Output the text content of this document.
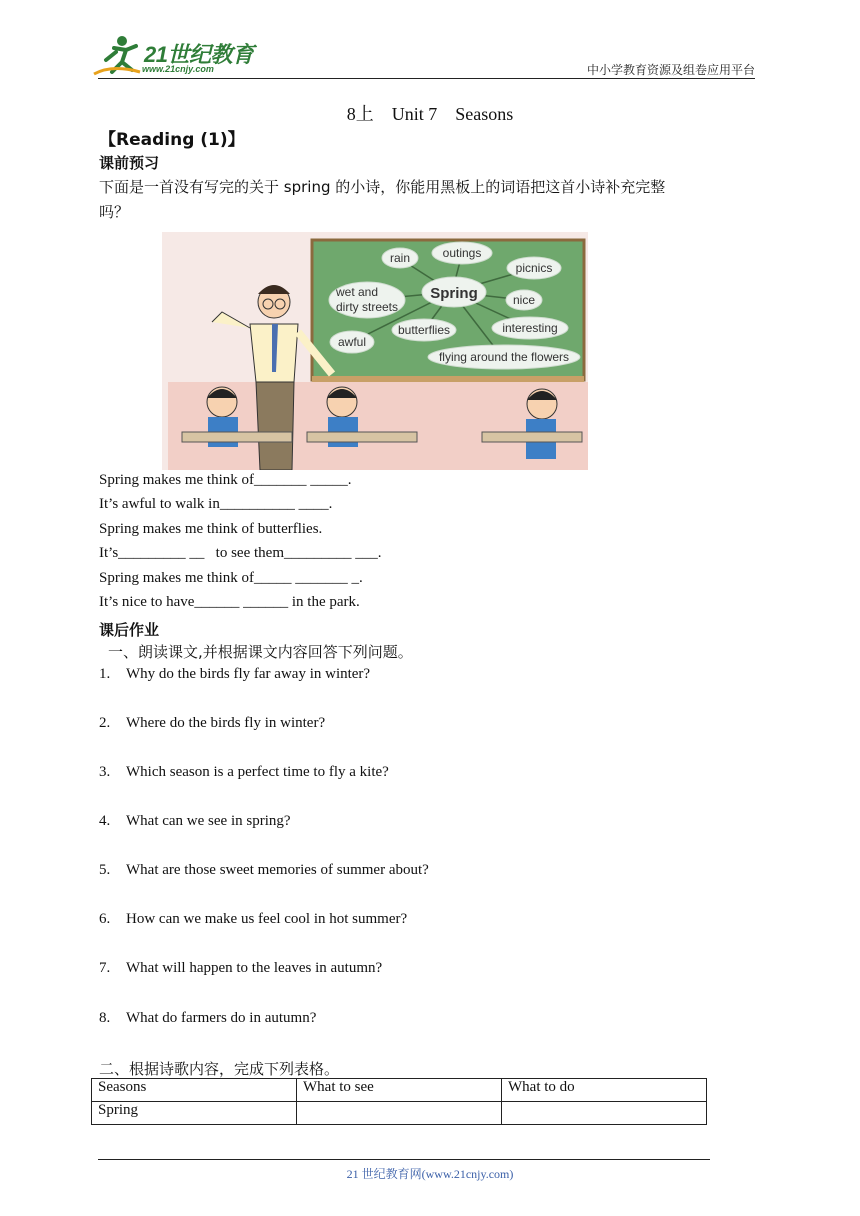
21世纪教育
www.21cnjy.com	中小学教育资源及组卷应用平台
8上    Unit 7    Seasons
【Reading (1)】
课前预习
下面是一首没有写完的关于 spring 的小诗，你能用黑板上的词语把这首小诗补充完整
吗？
rain	outings
picnics
wet and
dirty streets	nice
butterflies	interesting
awful
flying around the flowers
Spring
Spring makes me think of_______ _____.
It’s awful to walk in__________ ____.
Spring makes me think of butterflies.
It’s_________ __   to see them_________ ___.
Spring makes me think of_____ _______ _.
It’s nice to have______ ______ in the park.
课后作业
一、朗读课文,并根据课文内容回答下列问题。
1. Why do the birds fly far away in winter?
2. Where do the birds fly in winter?
3. Which season is a perfect time to fly a kite?
4. What can we see in spring?
5. What are those sweet memories of summer about?
6. How can we make us feel cool in hot summer?
7. What will happen to the leaves in autumn?
8. What do farmers do in autumn?
二、根据诗歌内容，完成下列表格。
Seasons	What to see	What to do
Spring		
21 世纪教育网(www.21cnjy.com)
